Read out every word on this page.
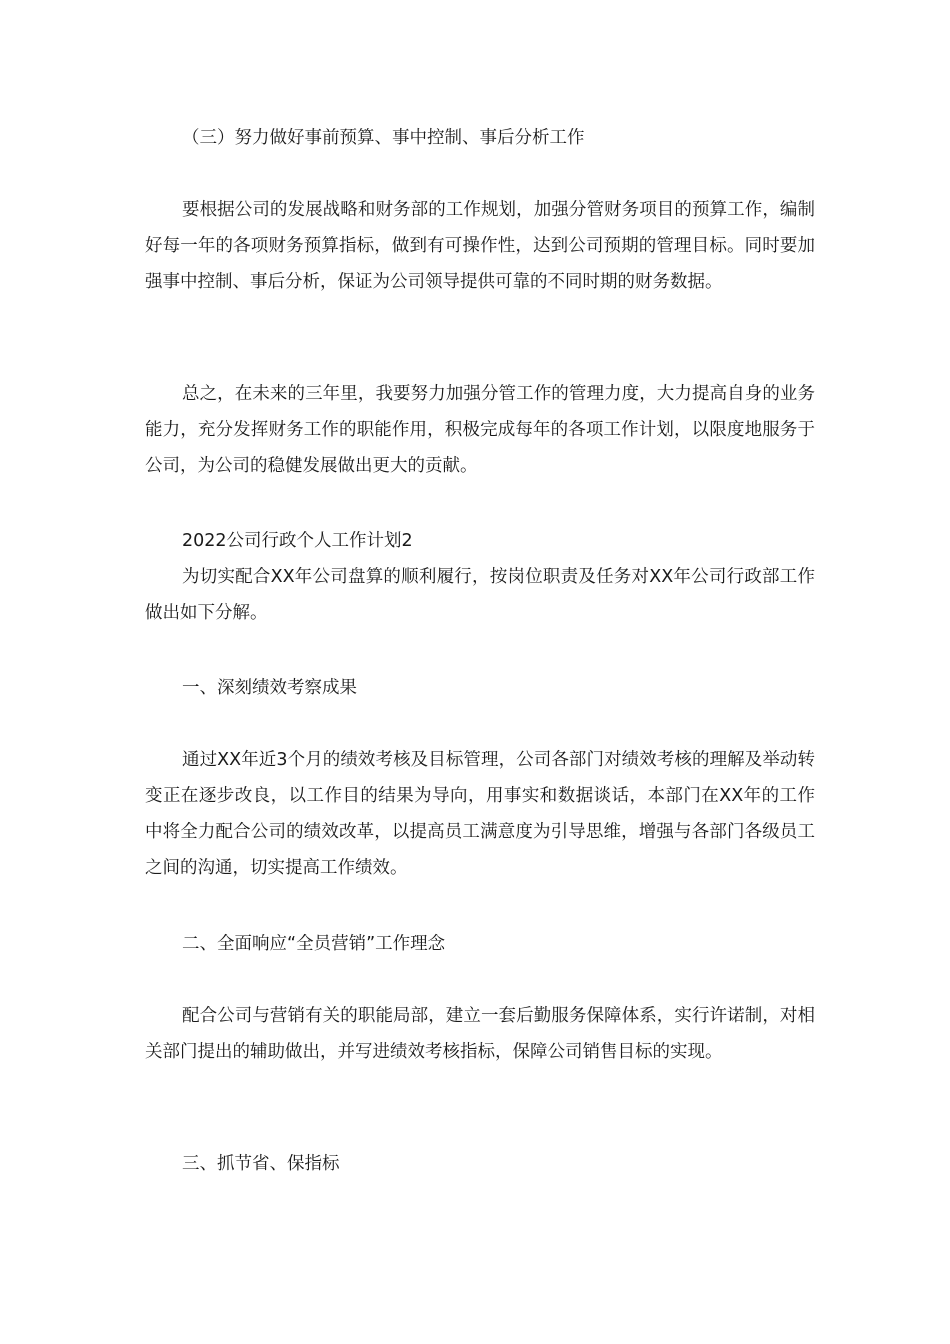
（三）努力做好事前预算、事中控制、事后分析工作

要根据公司的发展战略和财务部的工作规划，加强分管财务项目的预算工作，编制好每一年的各项财务预算指标，做到有可操作性，达到公司预期的管理目标。同时要加强事中控制、事后分析，保证为公司领导提供可靠的不同时期的财务数据。

总之，在未来的三年里，我要努力加强分管工作的管理力度，大力提高自身的业务能力，充分发挥财务工作的职能作用，积极完成每年的各项工作计划，以限度地服务于公司，为公司的稳健发展做出更大的贡献。

2022公司行政个人工作计划2

为切实配合XX年公司盘算的顺利履行，按岗位职责及任务对XX年公司行政部工作做出如下分解。

一、深刻绩效考察成果

通过XX年近3个月的绩效考核及目标管理，公司各部门对绩效考核的理解及举动转变正在逐步改良，以工作目的结果为导向，用事实和数据谈话，本部门在XX年的工作中将全力配合公司的绩效改革，以提高员工满意度为引导思维，增强与各部门各级员工之间的沟通，切实提高工作绩效。

二、全面响应“全员营销”工作理念

配合公司与营销有关的职能局部，建立一套后勤服务保障体系，实行许诺制，对相关部门提出的辅助做出，并写进绩效考核指标，保障公司销售目标的实现。

三、抓节省、保指标
